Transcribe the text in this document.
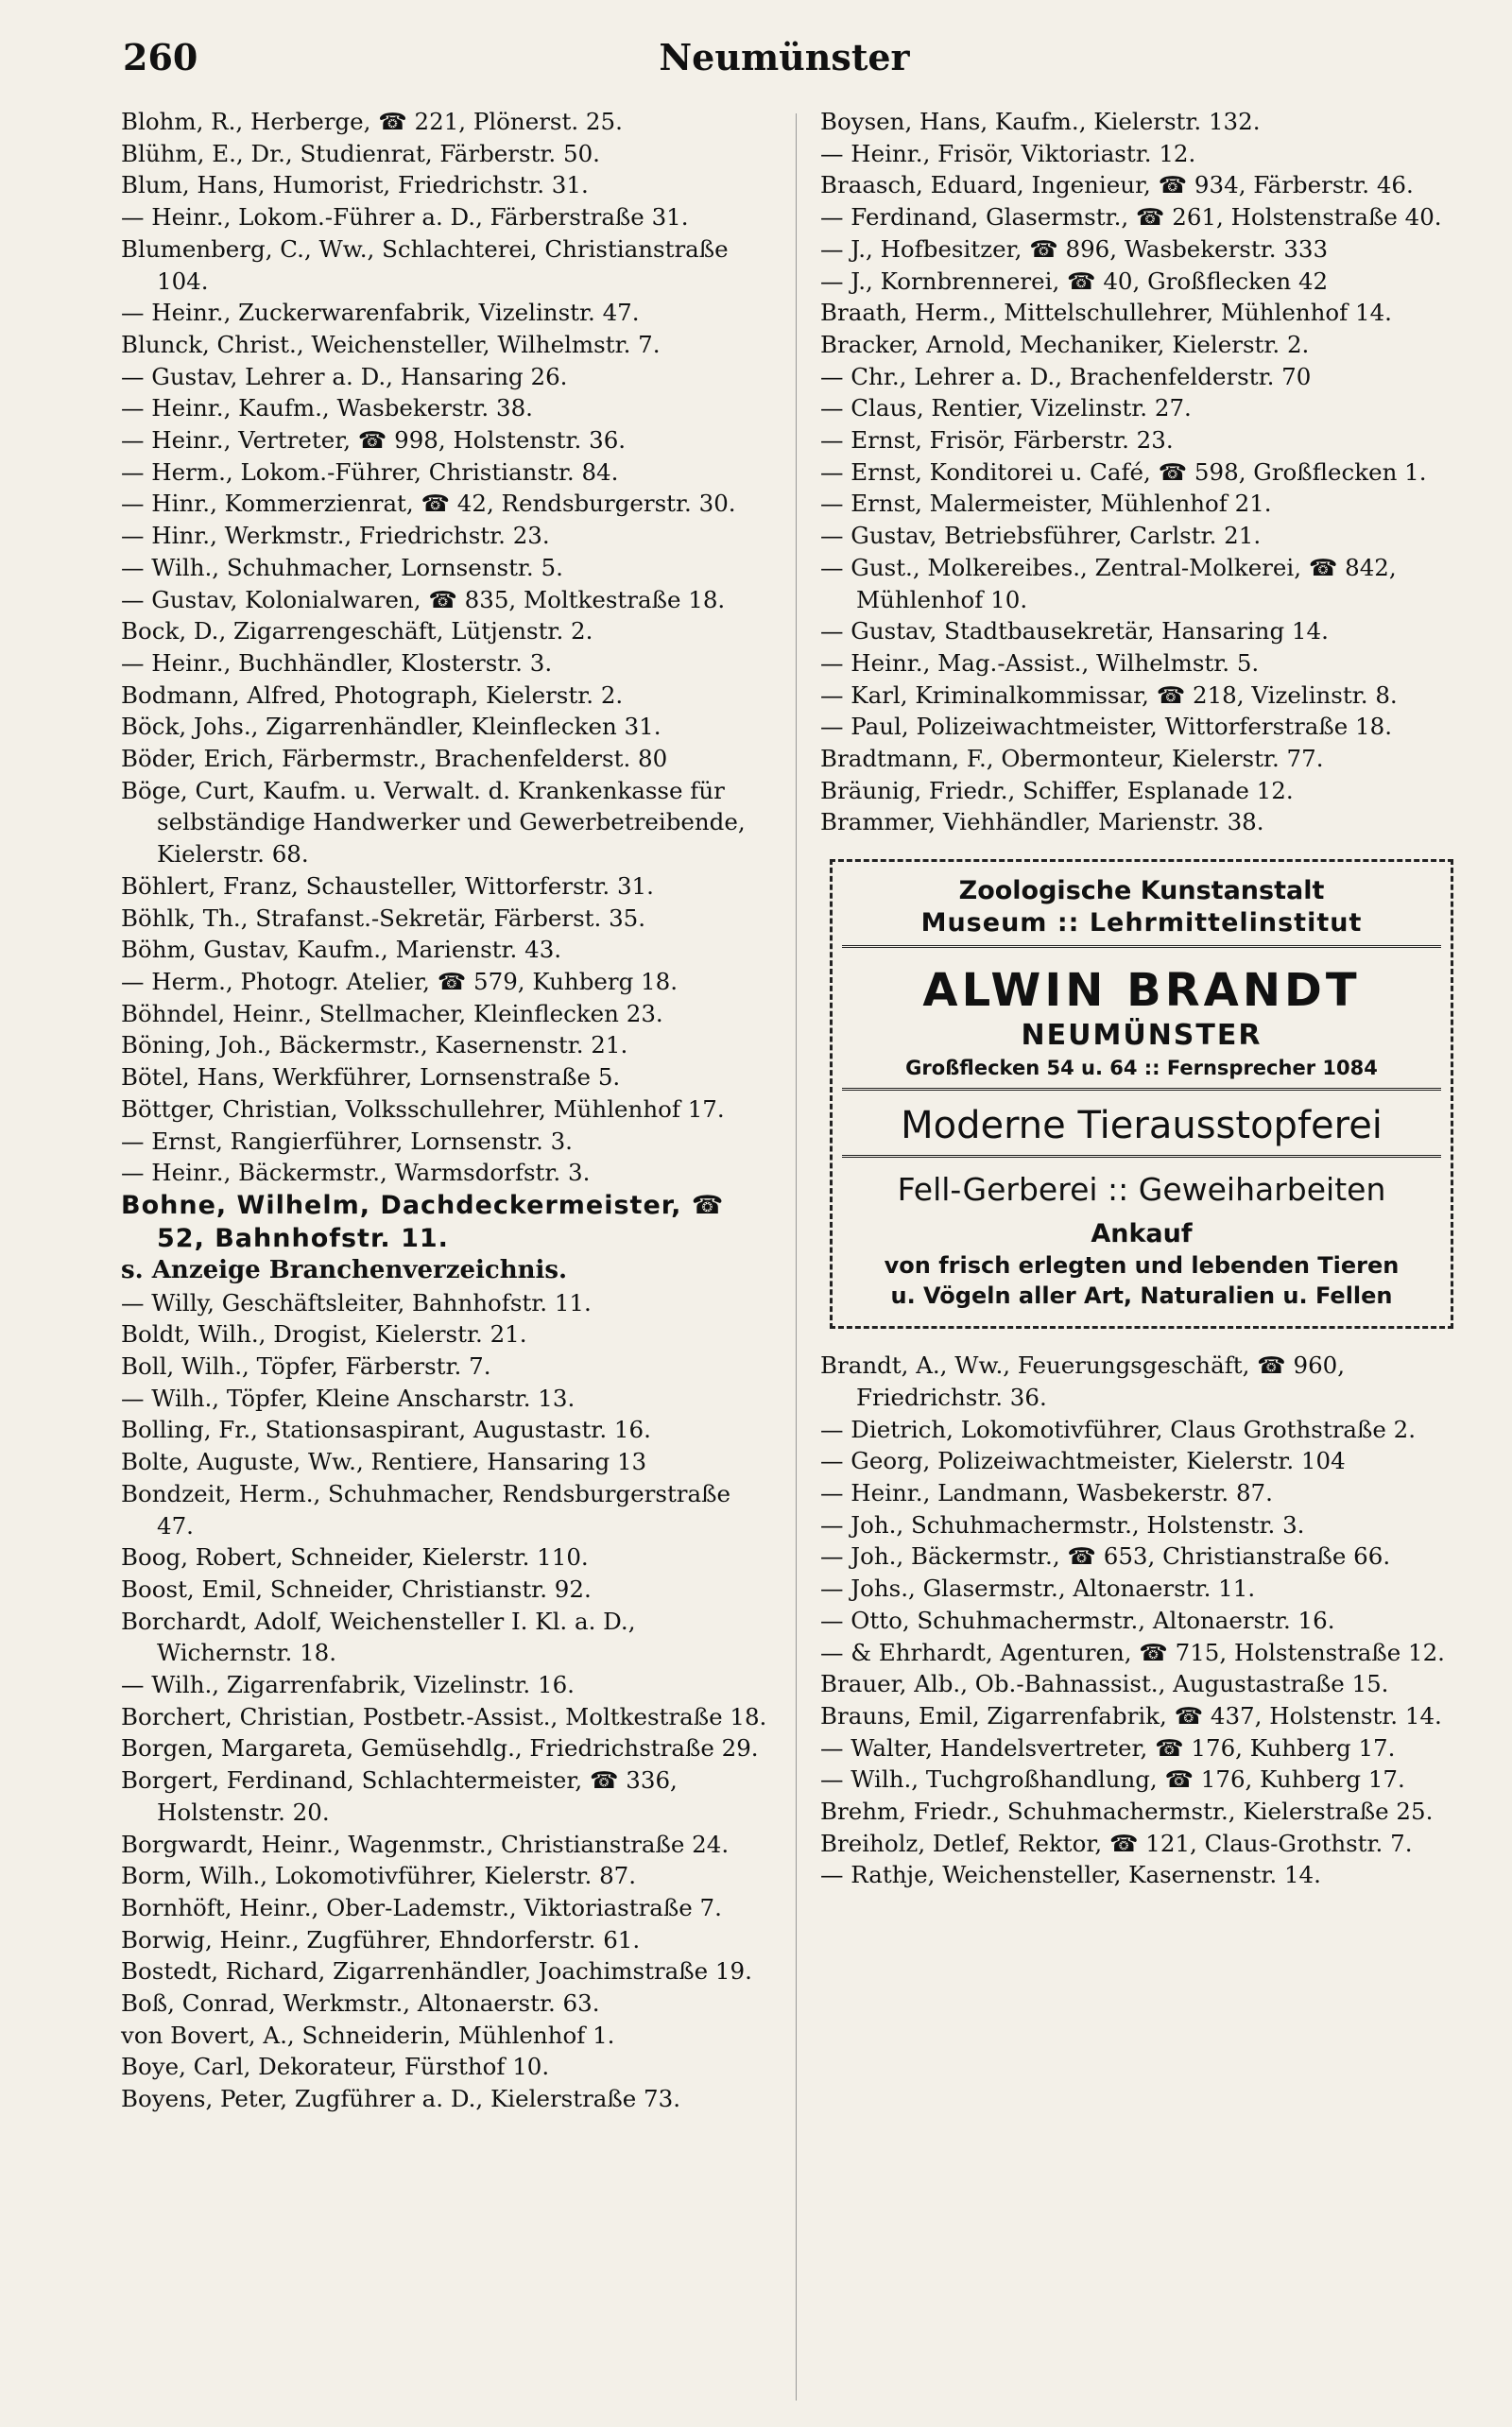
260	Neumünster
Blohm, R., Herberge, ☎ 221, Plönerst. 25.
Blühm, E., Dr., Studienrat, Färberstr. 50.
Blum, Hans, Humorist, Friedrichstr. 31.
— Heinr., Lokom.-Führer a. D., Färberstraße 31.
Blumenberg, C., Ww., Schlachterei, Christianstraße 104.
— Heinr., Zuckerwarenfabrik, Vizelinstr. 47.
Blunck, Christ., Weichensteller, Wilhelmstr. 7.
— Gustav, Lehrer a. D., Hansaring 26.
— Heinr., Kaufm., Wasbekerstr. 38.
— Heinr., Vertreter, ☎ 998, Holstenstr. 36.
— Herm., Lokom.-Führer, Christianstr. 84.
— Hinr., Kommerzienrat, ☎ 42, Rendsburgerstr. 30.
— Hinr., Werkmstr., Friedrichstr. 23.
— Wilh., Schuhmacher, Lornsenstr. 5.
— Gustav, Kolonialwaren, ☎ 835, Moltkestraße 18.
Bock, D., Zigarrengeschäft, Lütjenstr. 2.
— Heinr., Buchhändler, Klosterstr. 3.
Bodmann, Alfred, Photograph, Kielerstr. 2.
Böck, Johs., Zigarrenhändler, Kleinflecken 31.
Böder, Erich, Färbermstr., Brachenfelderst. 80
Böge, Curt, Kaufm. u. Verwalt. d. Krankenkasse für selbständige Handwerker und Gewerbetreibende, Kielerstr. 68.
Böhlert, Franz, Schausteller, Wittorferstr. 31.
Böhlk, Th., Strafanst.-Sekretär, Färberst. 35.
Böhm, Gustav, Kaufm., Marienstr. 43.
— Herm., Photogr. Atelier, ☎ 579, Kuhberg 18.
Böhndel, Heinr., Stellmacher, Kleinflecken 23.
Böning, Joh., Bäckermstr., Kasernenstr. 21.
Bötel, Hans, Werkführer, Lornsenstraße 5.
Böttger, Christian, Volksschullehrer, Mühlenhof 17.
— Ernst, Rangierführer, Lornsenstr. 3.
— Heinr., Bäckermstr., Warmsdorfstr. 3.
Bohne, Wilhelm, Dachdeckermeister, ☎ 52, Bahnhofstr. 11.
s. Anzeige Branchenverzeichnis.
— Willy, Geschäftsleiter, Bahnhofstr. 11.
Boldt, Wilh., Drogist, Kielerstr. 21.
Boll, Wilh., Töpfer, Färberstr. 7.
— Wilh., Töpfer, Kleine Anscharstr. 13.
Bolling, Fr., Stationsaspirant, Augustastr. 16.
Bolte, Auguste, Ww., Rentiere, Hansaring 13
Bondzeit, Herm., Schuhmacher, Rendsburgerstraße 47.
Boog, Robert, Schneider, Kielerstr. 110.
Boost, Emil, Schneider, Christianstr. 92.
Borchardt, Adolf, Weichensteller I. Kl. a. D., Wichernstr. 18.
— Wilh., Zigarrenfabrik, Vizelinstr. 16.
Borchert, Christian, Postbetr.-Assist., Moltkestraße 18.
Borgen, Margareta, Gemüsehdlg., Friedrichstraße 29.
Borgert, Ferdinand, Schlachtermeister, ☎ 336, Holstenstr. 20.
Borgwardt, Heinr., Wagenmstr., Christianstraße 24.
Borm, Wilh., Lokomotivführer, Kielerstr. 87.
Bornhöft, Heinr., Ober-Lademstr., Viktoriastraße 7.
Borwig, Heinr., Zugführer, Ehndorferstr. 61.
Bostedt, Richard, Zigarrenhändler, Joachimstraße 19.
Boß, Conrad, Werkmstr., Altonaerstr. 63.
von Bovert, A., Schneiderin, Mühlenhof 1.
Boye, Carl, Dekorateur, Fürsthof 10.
Boyens, Peter, Zugführer a. D., Kielerstraße 73.
Boysen, Hans, Kaufm., Kielerstr. 132.
— Heinr., Frisör, Viktoriastr. 12.
Braasch, Eduard, Ingenieur, ☎ 934, Färberstr. 46.
— Ferdinand, Glasermstr., ☎ 261, Holstenstraße 40.
— J., Hofbesitzer, ☎ 896, Wasbekerstr. 333
— J., Kornbrennerei, ☎ 40, Großflecken 42
Braath, Herm., Mittelschullehrer, Mühlenhof 14.
Bracker, Arnold, Mechaniker, Kielerstr. 2.
— Chr., Lehrer a. D., Brachenfelderstr. 70
— Claus, Rentier, Vizelinstr. 27.
— Ernst, Frisör, Färberstr. 23.
— Ernst, Konditorei u. Café, ☎ 598, Großflecken 1.
— Ernst, Malermeister, Mühlenhof 21.
— Gustav, Betriebsführer, Carlstr. 21.
— Gust., Molkereibes., Zentral-Molkerei, ☎ 842, Mühlenhof 10.
— Gustav, Stadtbausekretär, Hansaring 14.
— Heinr., Mag.-Assist., Wilhelmstr. 5.
— Karl, Kriminalkommissar, ☎ 218, Vizelinstr. 8.
— Paul, Polizeiwachtmeister, Wittorferstraße 18.
Bradtmann, F., Obermonteur, Kielerstr. 77.
Bräunig, Friedr., Schiffer, Esplanade 12.
Brammer, Viehhändler, Marienstr. 38.
Zoologische Kunstanstalt
Museum :: Lehrmittelinstitut
ALWIN BRANDT
NEUMÜNSTER
Großflecken 54 u. 64 :: Fernsprecher 1084
Moderne Tierausstopferei
Fell-Gerberei :: Geweiharbeiten
Ankauf
von frisch erlegten und lebenden Tieren
u. Vögeln aller Art, Naturalien u. Fellen
Brandt, A., Ww., Feuerungsgeschäft, ☎ 960, Friedrichstr. 36.
— Dietrich, Lokomotivführer, Claus Grothstraße 2.
— Georg, Polizeiwachtmeister, Kielerstr. 104
— Heinr., Landmann, Wasbekerstr. 87.
— Joh., Schuhmachermstr., Holstenstr. 3.
— Joh., Bäckermstr., ☎ 653, Christianstraße 66.
— Johs., Glasermstr., Altonaerstr. 11.
— Otto, Schuhmachermstr., Altonaerstr. 16.
— & Ehrhardt, Agenturen, ☎ 715, Holstenstraße 12.
Brauer, Alb., Ob.-Bahnassist., Augustastraße 15.
Brauns, Emil, Zigarrenfabrik, ☎ 437, Holstenstr. 14.
— Walter, Handelsvertreter, ☎ 176, Kuhberg 17.
— Wilh., Tuchgroßhandlung, ☎ 176, Kuhberg 17.
Brehm, Friedr., Schuhmachermstr., Kielerstraße 25.
Breiholz, Detlef, Rektor, ☎ 121, Claus-Grothstr. 7.
— Rathje, Weichensteller, Kasernenstr. 14.
